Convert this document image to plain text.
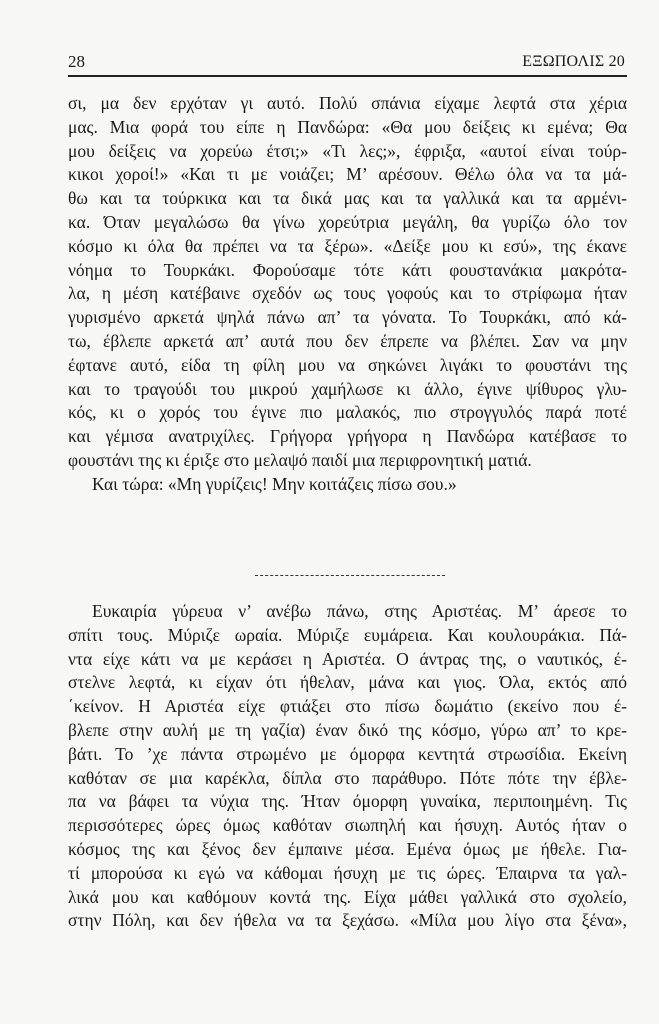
28	ΕΞΩΠΟΛΙΣ 20
σι, μα δεν ερχόταν γι αυτό. Πολύ σπάνια είχαμε λεφτά στα χέρια
μας. Μια φορά του είπε η Πανδώρα: «Θα μου δείξεις κι εμένα; Θα
μου δείξεις να χορεύω έτσι;» «Τι λες;», έφριξα, «αυτοί είναι τούρ-
κικοι χοροί!» «Και τι με νοιάζει; Μ’ αρέσουν. Θέλω όλα να τα μά-
θω και τα τούρκικα και τα δικά μας και τα γαλλικά και τα αρμένι-
κα. Όταν μεγαλώσω θα γίνω χορεύτρια μεγάλη, θα γυρίζω όλο τον
κόσμο κι όλα θα πρέπει να τα ξέρω». «Δείξε μου κι εσύ», της έκανε
νόημα το Τουρκάκι. Φορούσαμε τότε κάτι φουστανάκια μακρότα-
λα, η μέση κατέβαινε σχεδόν ως τους γοφούς και το στρίφωμα ήταν
γυρισμένο αρκετά ψηλά πάνω απ’ τα γόνατα. Το Τουρκάκι, από κά-
τω, έβλεπε αρκετά απ’ αυτά που δεν έπρεπε να βλέπει. Σαν να μην
έφτανε αυτό, είδα τη φίλη μου να σηκώνει λιγάκι το φουστάνι της
και το τραγούδι του μικρού χαμήλωσε κι άλλο, έγινε ψίθυρος γλυ-
κός, κι ο χορός του έγινε πιο μαλακός, πιο στρογγυλός παρά ποτέ
και γέμισα ανατριχίλες. Γρήγορα γρήγορα η Πανδώρα κατέβασε το
φουστάνι της κι έριξε στο μελαψό παιδί μια περιφρονητική ματιά.
Και τώρα: «Μη γυρίζεις! Μην κοιτάζεις πίσω σου.»
Ευκαιρία γύρευα ν’ ανέβω πάνω, στης Αριστέας. Μ’ άρεσε το
σπίτι τους. Μύριζε ωραία. Μύριζε ευμάρεια. Και κουλουράκια. Πά-
ντα είχε κάτι να με κεράσει η Αριστέα. Ο άντρας της, ο ναυτικός, έ-
στελνε λεφτά, κι είχαν ότι ήθελαν, μάνα και γιος. Όλα, εκτός από
΄κείνον. Η Αριστέα είχε φτιάξει στο πίσω δωμάτιο (εκείνο που έ-
βλεπε στην αυλή με τη γαζία) έναν δικό της κόσμο, γύρω απ’ το κρε-
βάτι. Το ’χε πάντα στρωμένο με όμορφα κεντητά στρωσίδια. Εκείνη
καθόταν σε μια καρέκλα, δίπλα στο παράθυρο. Πότε πότε την έβλε-
πα να βάφει τα νύχια της. Ήταν όμορφη γυναίκα, περιποιημένη. Τις
περισσότερες ώρες όμως καθόταν σιωπηλή και ήσυχη. Αυτός ήταν ο
κόσμος της και ξένος δεν έμπαινε μέσα. Εμένα όμως με ήθελε. Για-
τί μπορούσα κι εγώ να κάθομαι ήσυχη με τις ώρες. Έπαιρνα τα γαλ-
λικά μου και καθόμουν κοντά της. Είχα μάθει γαλλικά στο σχολείο,
στην Πόλη, και δεν ήθελα να τα ξεχάσω. «Μίλα μου λίγο στα ξένα»,
